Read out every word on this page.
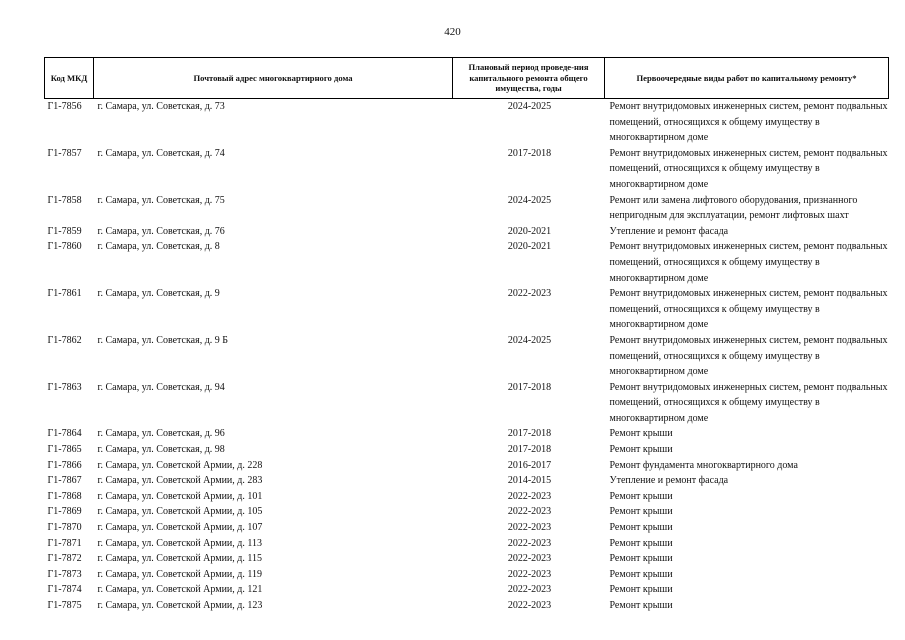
420
Код МКД	Почтовый адрес многоквартирного дома	Плановый период проведе-ния капитального ремонта общего имущества, годы	Первоочередные виды работ по капитальному ремонту*
Г1-7856	г. Самара, ул. Советская, д. 73	2024-2025	Ремонт внутридомовых инженерных систем, ремонт подвальных помещений, относящихся к общему имуществу в многоквартирном доме
Г1-7857	г. Самара, ул. Советская, д. 74	2017-2018	Ремонт внутридомовых инженерных систем, ремонт подвальных помещений, относящихся к общему имуществу в многоквартирном доме
Г1-7858	г. Самара, ул. Советская, д. 75	2024-2025	Ремонт или замена лифтового оборудования, признанного непригодным для эксплуатации, ремонт лифтовых шахт
Г1-7859	г. Самара, ул. Советская, д. 76	2020-2021	Утепление и ремонт фасада
Г1-7860	г. Самара, ул. Советская, д. 8	2020-2021	Ремонт внутридомовых инженерных систем, ремонт подвальных помещений, относящихся к общему имуществу в многоквартирном доме
Г1-7861	г. Самара, ул. Советская, д. 9	2022-2023	Ремонт внутридомовых инженерных систем, ремонт подвальных помещений, относящихся к общему имуществу в многоквартирном доме
Г1-7862	г. Самара, ул. Советская, д. 9 Б	2024-2025	Ремонт внутридомовых инженерных систем, ремонт подвальных помещений, относящихся к общему имуществу в многоквартирном доме
Г1-7863	г. Самара, ул. Советская, д. 94	2017-2018	Ремонт внутридомовых инженерных систем, ремонт подвальных помещений, относящихся к общему имуществу в многоквартирном доме
Г1-7864	г. Самара, ул. Советская, д. 96	2017-2018	Ремонт крыши
Г1-7865	г. Самара, ул. Советская, д. 98	2017-2018	Ремонт крыши
Г1-7866	г. Самара, ул. Советской Армии, д. 228	2016-2017	Ремонт фундамента многоквартирного дома
Г1-7867	г. Самара, ул. Советской Армии, д. 283	2014-2015	Утепление и ремонт фасада
Г1-7868	г. Самара, ул. Советской Армии, д. 101	2022-2023	Ремонт крыши
Г1-7869	г. Самара, ул. Советской Армии, д. 105	2022-2023	Ремонт крыши
Г1-7870	г. Самара, ул. Советской Армии, д. 107	2022-2023	Ремонт крыши
Г1-7871	г. Самара, ул. Советской Армии, д. 113	2022-2023	Ремонт крыши
Г1-7872	г. Самара, ул. Советской Армии, д. 115	2022-2023	Ремонт крыши
Г1-7873	г. Самара, ул. Советской Армии, д. 119	2022-2023	Ремонт крыши
Г1-7874	г. Самара, ул. Советской Армии, д. 121	2022-2023	Ремонт крыши
Г1-7875	г. Самара, ул. Советской Армии, д. 123	2022-2023	Ремонт крыши
